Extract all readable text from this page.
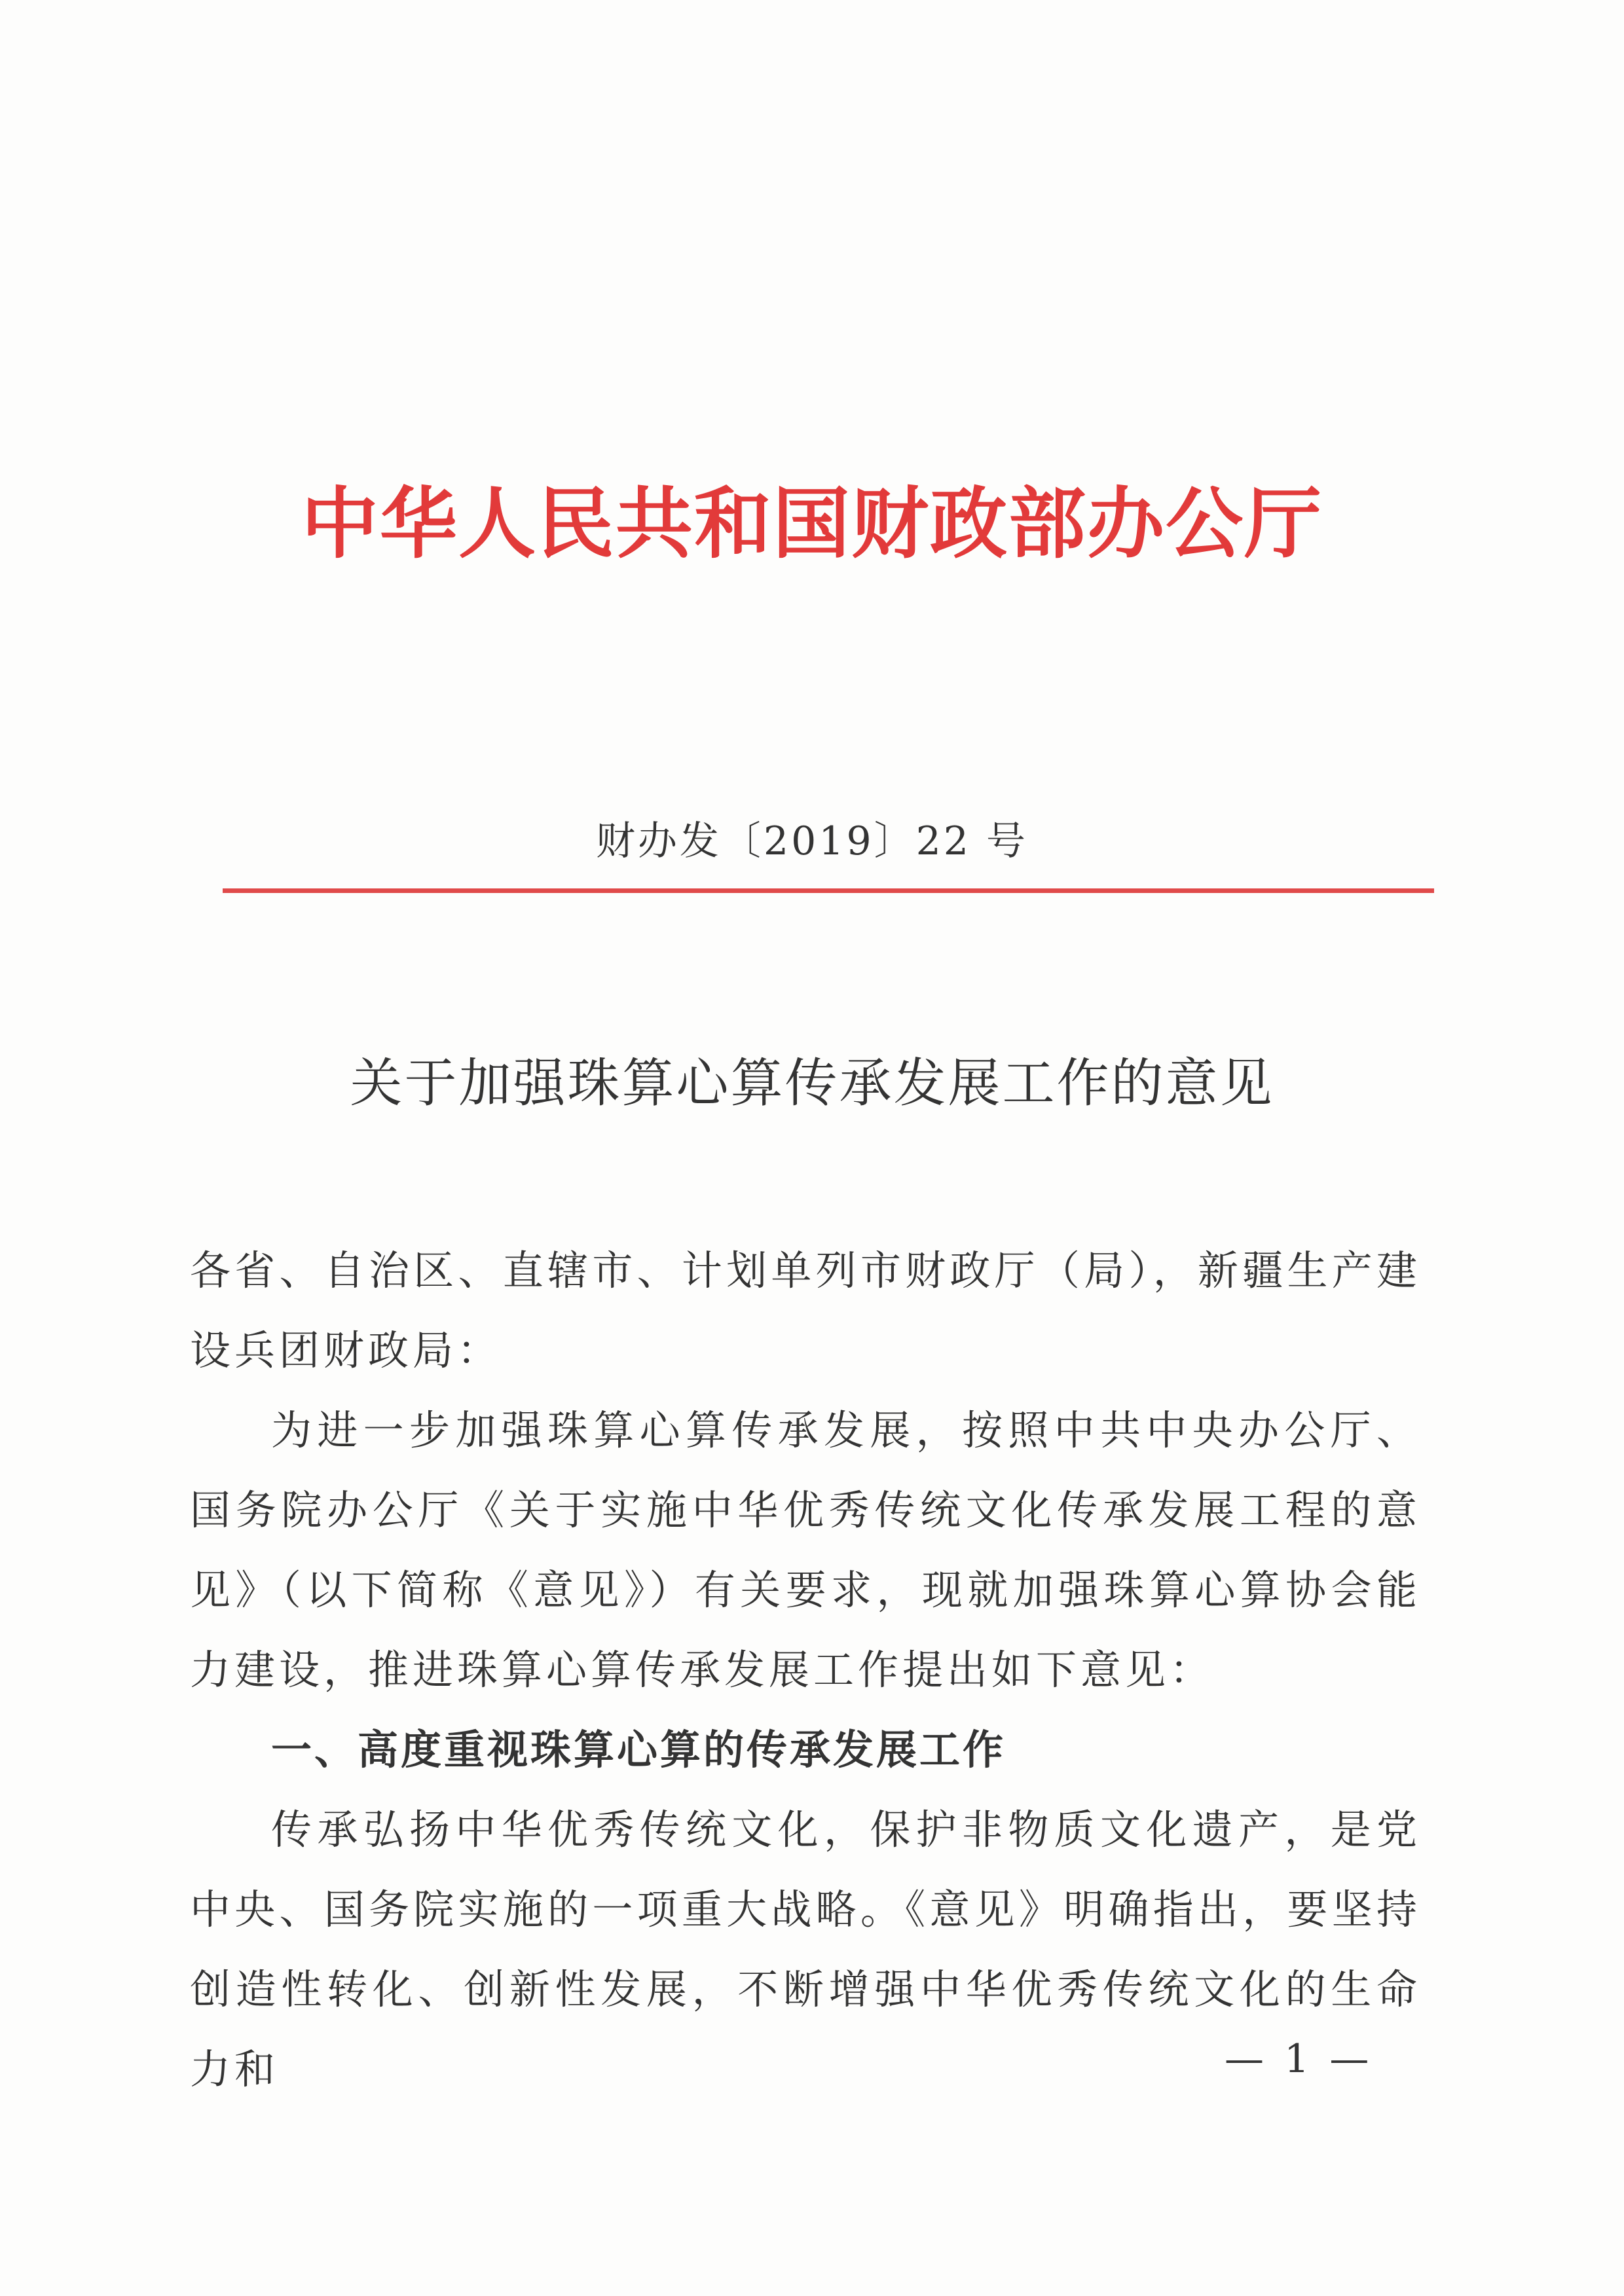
中华人民共和国财政部办公厅
财办发〔2019〕22 号
关于加强珠算心算传承发展工作的意见

各省、自治区、直辖市、计划单列市财政厅（局），新疆生产建设兵团财政局：

为进一步加强珠算心算传承发展，按照中共中央办公厅、国务院办公厅《关于实施中华优秀传统文化传承发展工程的意见》（以下简称《意见》）有关要求，现就加强珠算心算协会能力建设，推进珠算心算传承发展工作提出如下意见：

一、高度重视珠算心算的传承发展工作

传承弘扬中华优秀传统文化，保护非物质文化遗产，是党中央、国务院实施的一项重大战略。《意见》明确指出，要坚持创造性转化、创新性发展，不断增强中华优秀传统文化的生命力和	— 1 —
